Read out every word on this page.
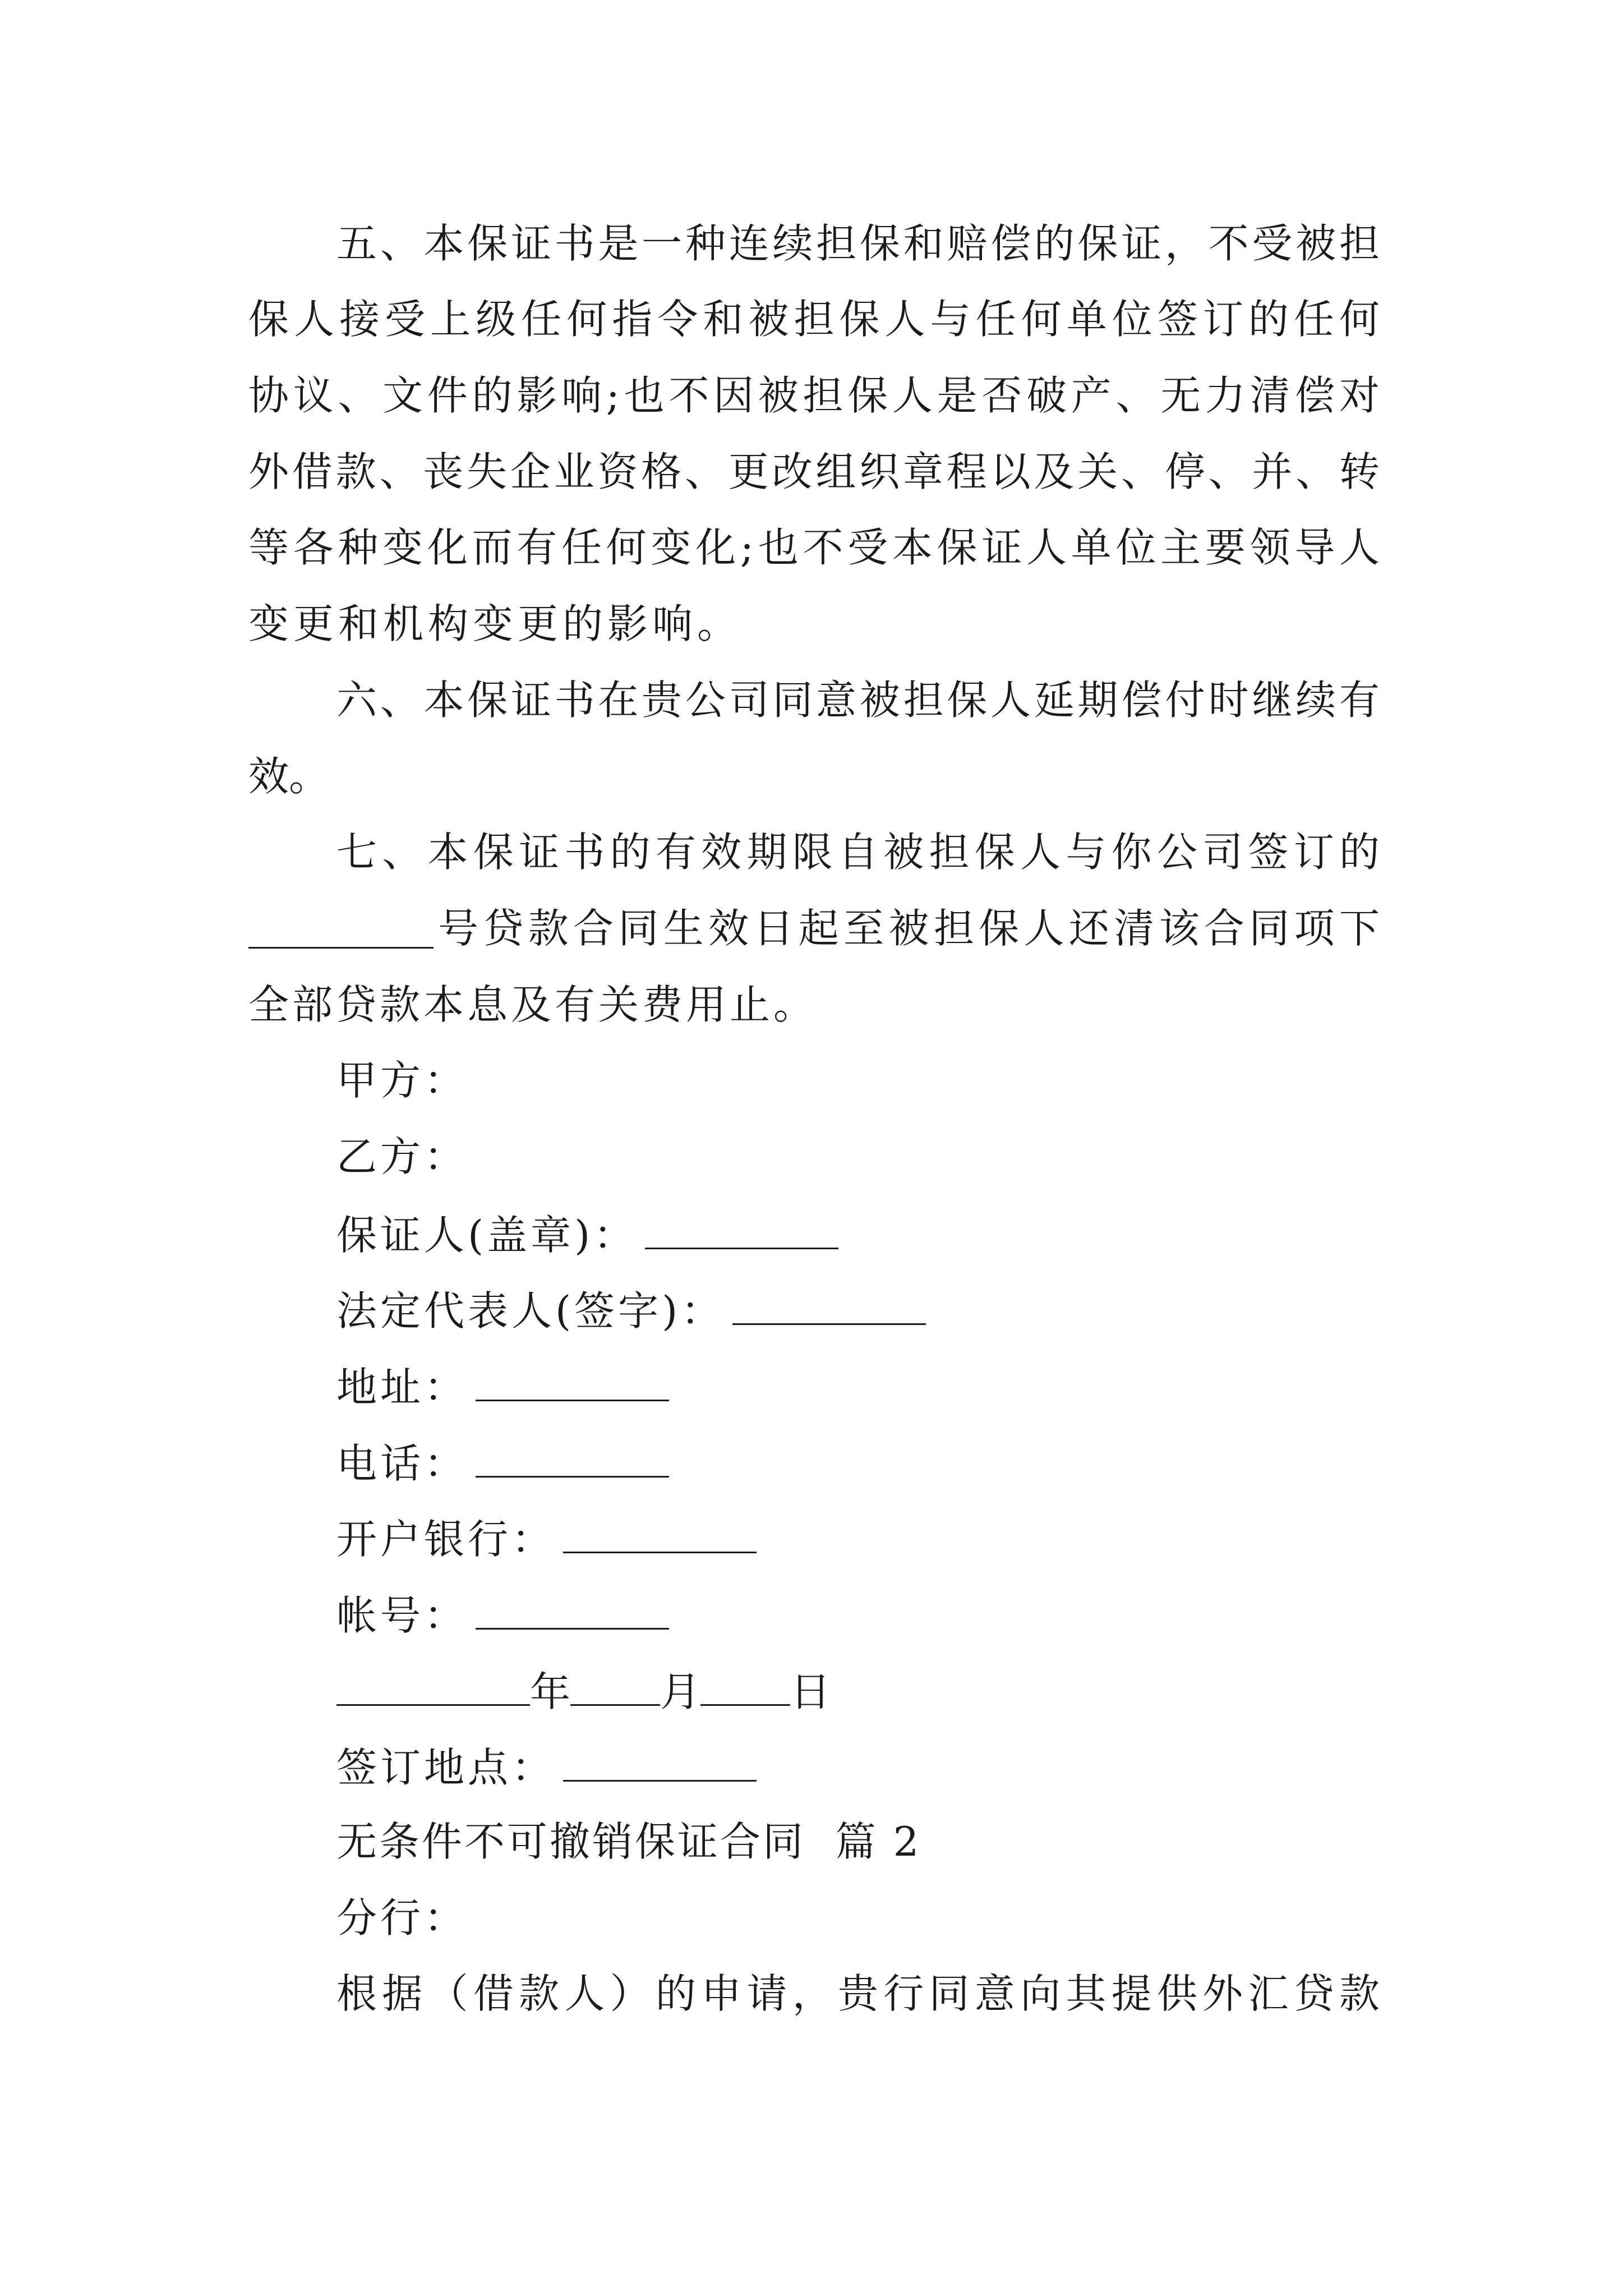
五、本保证书是一种连续担保和赔偿的保证，不受被担
保人接受上级任何指令和被担保人与任何单位签订的任何
协议、文件的影响;也不因被担保人是否破产、无力清偿对
外借款、丧失企业资格、更改组织章程以及关、停、并、转
等各种变化而有任何变化;也不受本保证人单位主要领导人
变更和机构变更的影响。
六、本保证书在贵公司同意被担保人延期偿付时继续有
效。
七、本保证书的有效期限自被担保人与你公司签订的
号贷款合同生效日起至被担保人还清该合同项下
全部贷款本息及有关费用止。
甲方：
乙方：
保证人(盖章)：
法定代表人(签字)：
地址：
电话：
开户银行：
帐号：
年 月 日
签订地点：
无条件不可撤销保证合同  篇 2
分行：
根据（借款人）的申请，贵行同意向其提供外汇贷款
